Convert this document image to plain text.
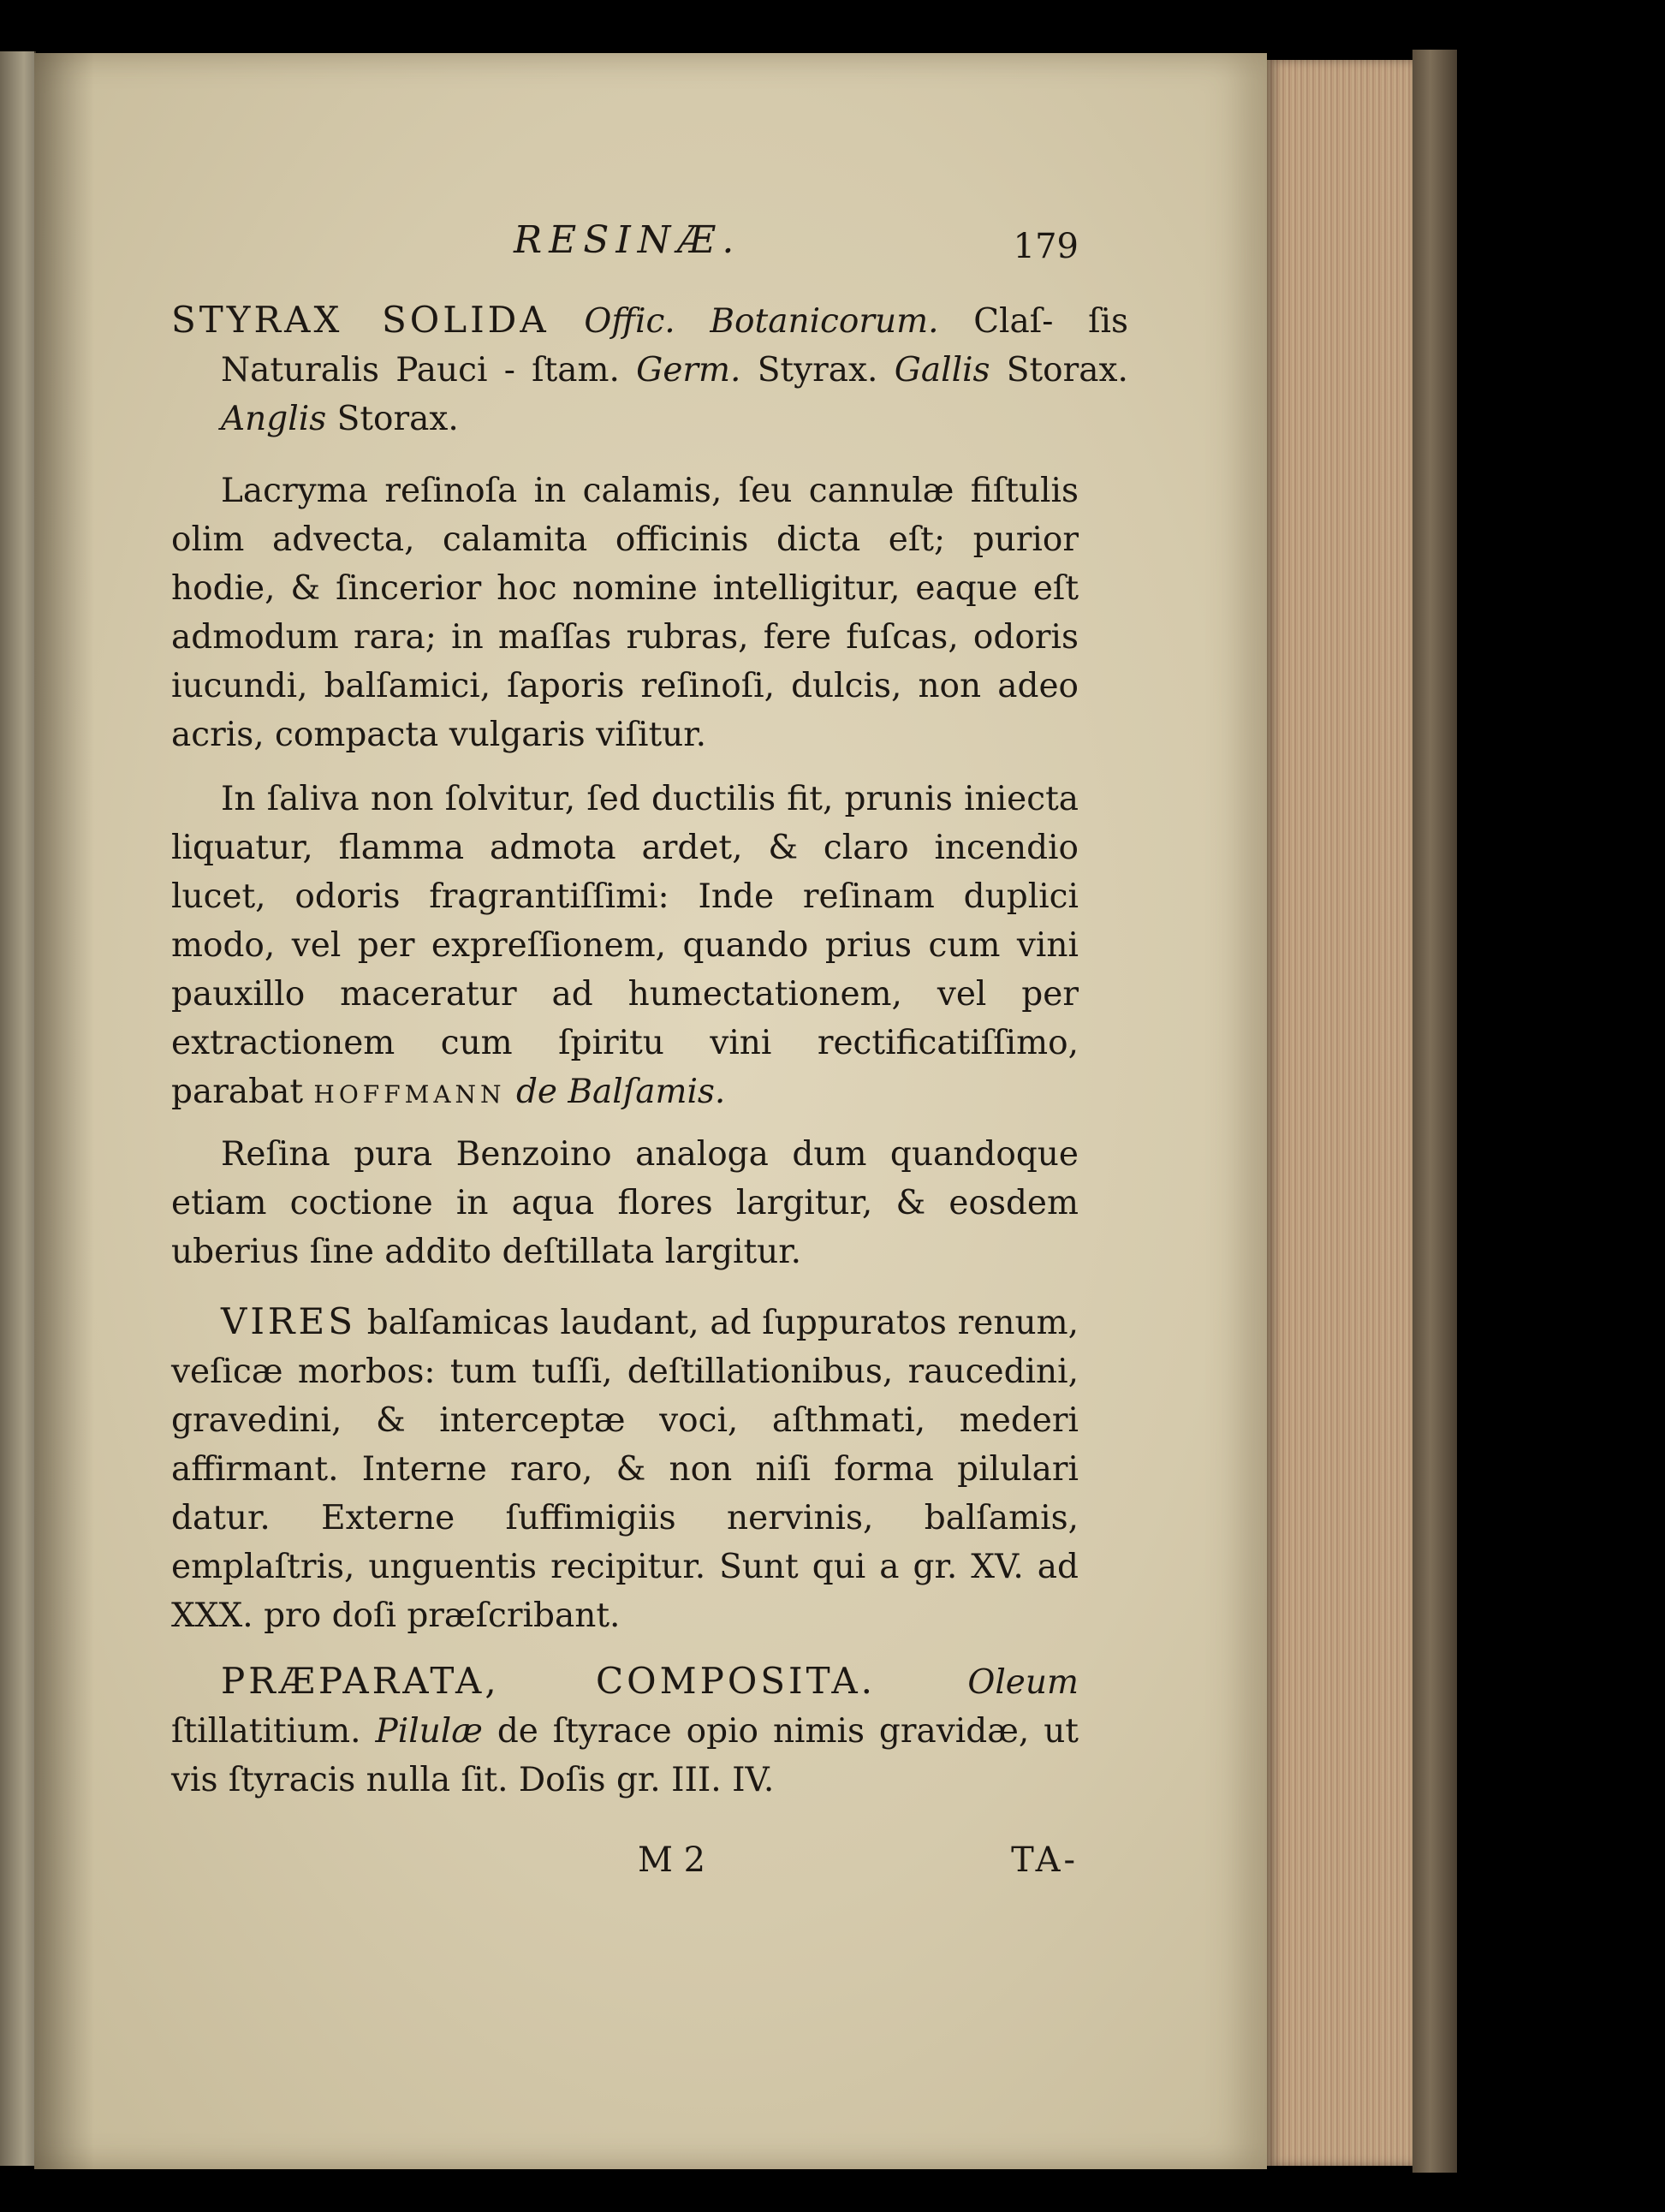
RESINÆ.	179
STYRAX SOLIDA Offic. Botanicorum. Claſ- ſis Naturalis Pauci - ſtam. Germ. Styrax. Gallis Storax. Anglis Storax.
Lacryma reſinoſa in calamis, ſeu cannulæ fiſtulis olim advecta, calamita officinis dicta eſt; purior hodie, & ſincerior hoc nomine intelligitur, eaque eſt admodum rara; in maſſas rubras, fere fuſcas, odoris iucundi, balſamici, ſaporis reſinoſi, dulcis, non adeo acris, compacta vulgaris viſitur.
In ſaliva non ſolvitur, ſed ductilis fit, prunis iniecta liquatur, flamma admota ardet, & claro incendio lucet, odoris fragrantiſſimi: Inde reſinam duplici modo, vel per expreſſionem, quando prius cum vini pauxillo maceratur ad humectationem, vel per extractionem cum ſpiritu vini rectificatiſſimo, parabat HOFFMANN de Balſamis.
Reſina pura Benzoino analoga dum quandoque etiam coctione in aqua flores largitur, & eosdem uberius ſine addito deſtillata largitur.
VIRES balſamicas laudant, ad ſuppuratos renum, veſicæ morbos: tum tuſſi, deſtillationibus, raucedini, gravedini, & interceptæ voci, aſthmati, mederi affirmant. Interne raro, & non niſi forma pilulari datur. Externe ſuffimigiis nervinis, balſamis, emplaſtris, unguentis recipitur. Sunt qui a gr. XV. ad XXX. pro doſi præſcribant.
PRÆPARATA, COMPOSITA.	Oleum ſtillatitium. Pilulæ de ſtyrace opio nimis gravidæ, ut vis ſtyracis nulla ſit. Doſis gr. III. IV.
M 2	TA-
